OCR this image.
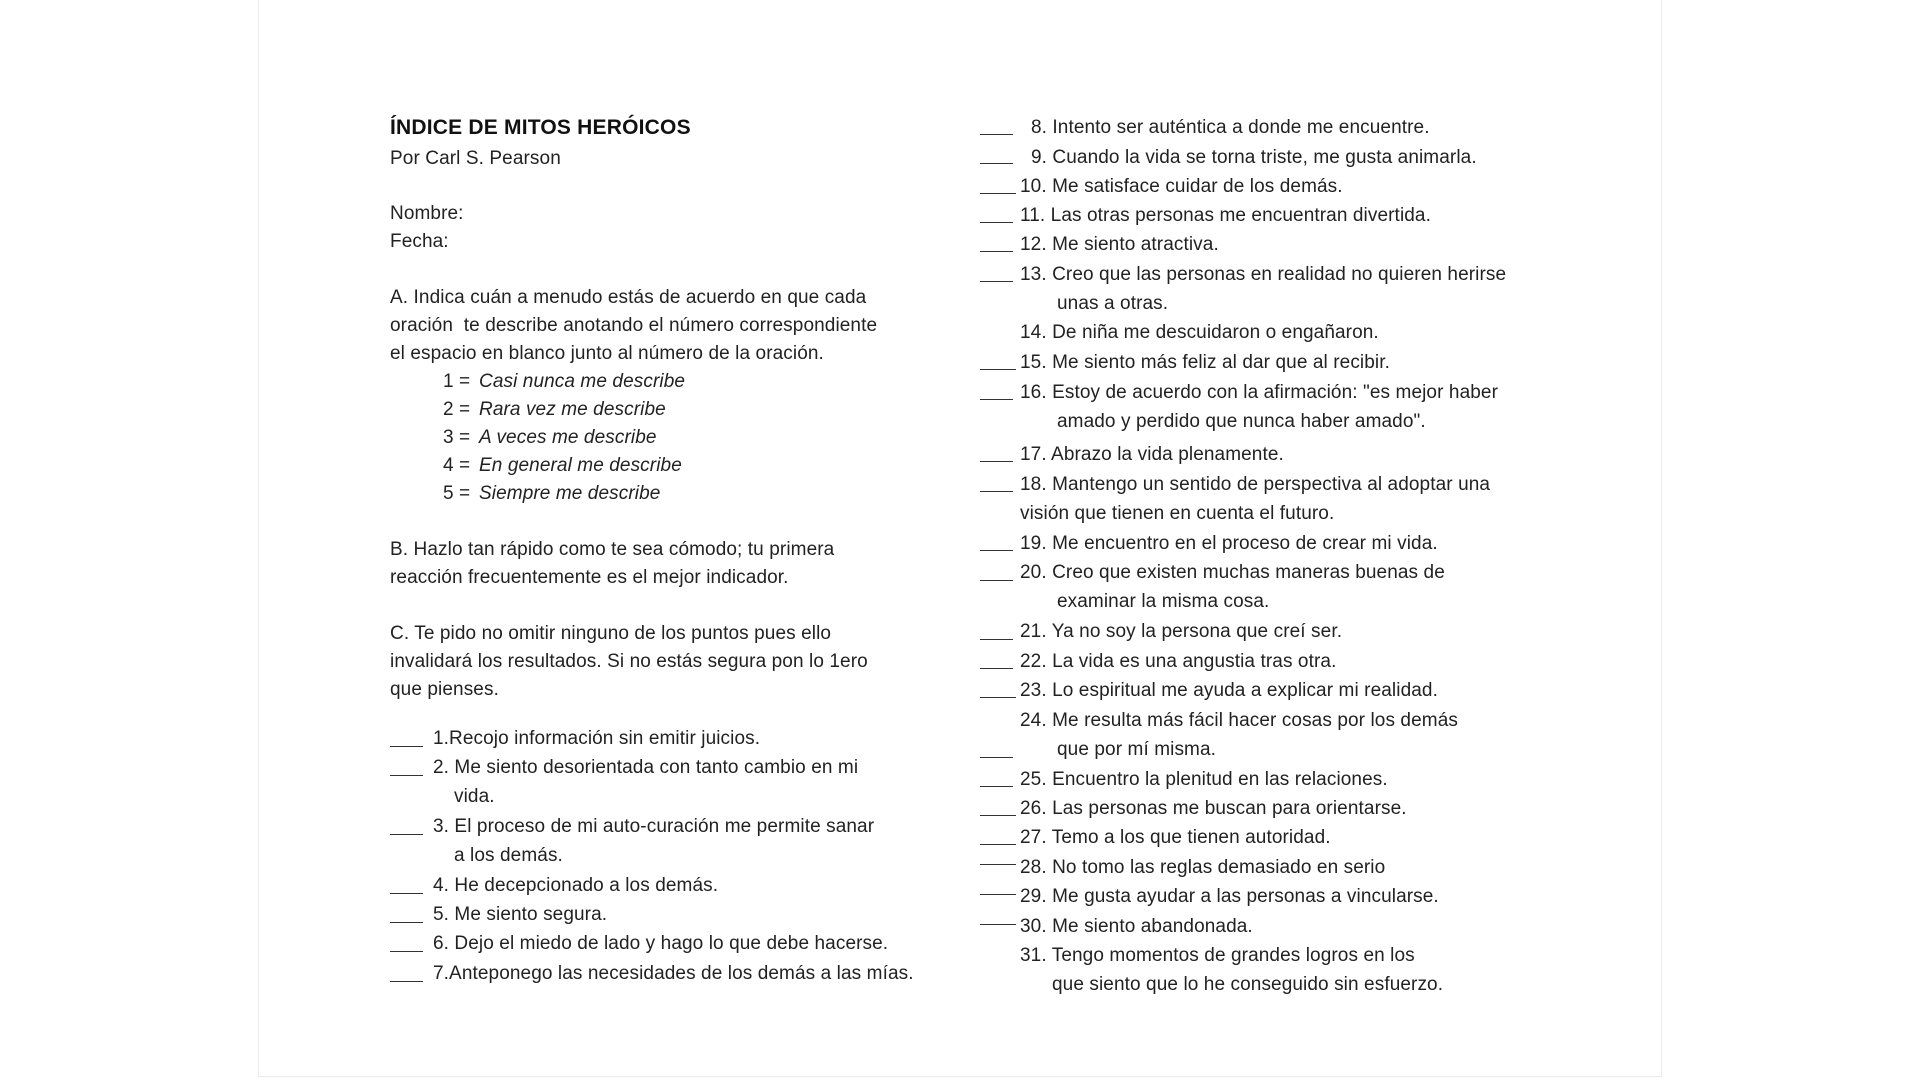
ÍNDICE DE MITOS HERÓICOS
Por Carl S. Pearson
Nombre:
Fecha:
A. Indica cuán a menudo estás de acuerdo en que cada
oración  te describe anotando el número correspondiente
el espacio en blanco junto al número de la oración.
1 = Casi nunca me describe
2 = Rara vez me describe
3 = A veces me describe
4 = En general me describe
5 = Siempre me describe
B. Hazlo tan rápido como te sea cómodo; tu primera
reacción frecuentemente es el mejor indicador.
C. Te pido no omitir ninguno de los puntos pues ello
invalidará los resultados. Si no estás segura pon lo 1ero
que pienses.
1.Recojo información sin emitir juicios.
2. Me siento desorientada con tanto cambio en mi
vida.
3. El proceso de mi auto-curación me permite sanar
a los demás.
4. He decepcionado a los demás.
5. Me siento segura.
6. Dejo el miedo de lado y hago lo que debe hacerse.
7.Anteponego las necesidades de los demás a las mías.
8. Intento ser auténtica a donde me encuentre.
9. Cuando la vida se torna triste, me gusta animarla.
10. Me satisface cuidar de los demás.
11. Las otras personas me encuentran divertida.
12. Me siento atractiva.
13. Creo que las personas en realidad no quieren herirse
unas a otras.
14. De niña me descuidaron o engañaron.
15. Me siento más feliz al dar que al recibir.
16. Estoy de acuerdo con la afirmación: "es mejor haber
amado y perdido que nunca haber amado".
17. Abrazo la vida plenamente.
18. Mantengo un sentido de perspectiva al adoptar una
visión que tienen en cuenta el futuro.
19. Me encuentro en el proceso de crear mi vida.
20. Creo que existen muchas maneras buenas de
examinar la misma cosa.
21. Ya no soy la persona que creí ser.
22. La vida es una angustia tras otra.
23. Lo espiritual me ayuda a explicar mi realidad.
24. Me resulta más fácil hacer cosas por los demás
que por mí misma.
25. Encuentro la plenitud en las relaciones.
26. Las personas me buscan para orientarse.
27. Temo a los que tienen autoridad.
28. No tomo las reglas demasiado en serio
29. Me gusta ayudar a las personas a vincularse.
30. Me siento abandonada.
31. Tengo momentos de grandes logros en los
que siento que lo he conseguido sin esfuerzo.
